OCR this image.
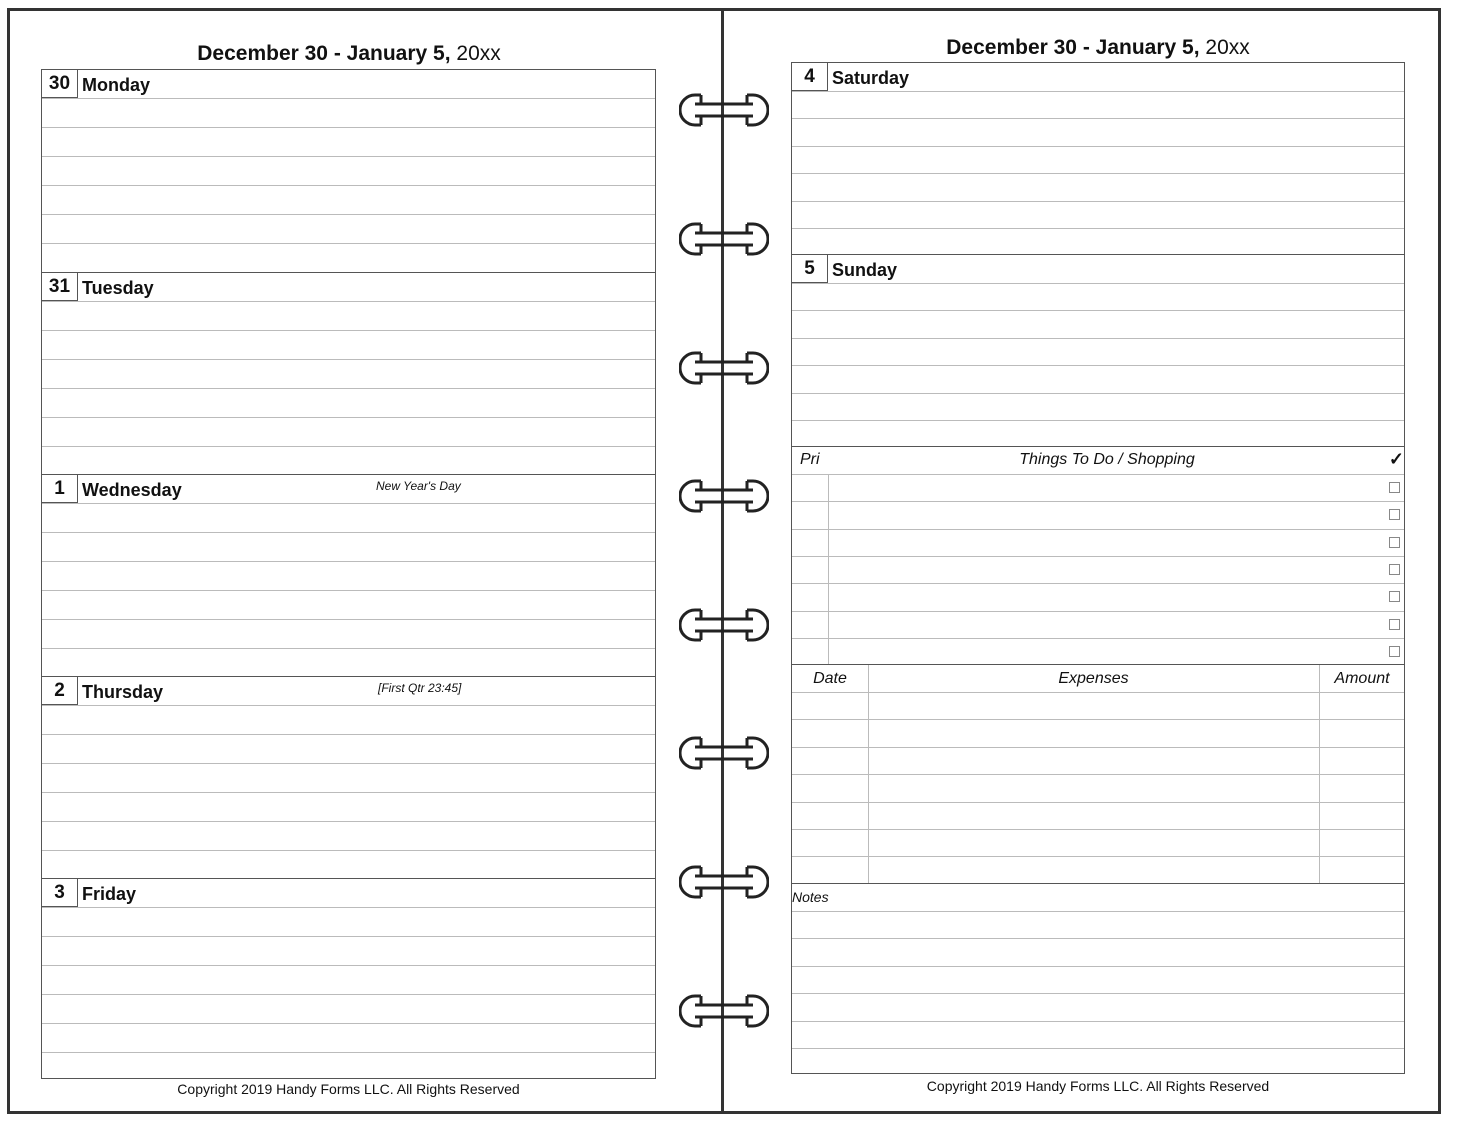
December 30 - January 5, 20xx
30 Monday
31 Tuesday
1 Wednesday	New Year's Day
2 Thursday	[First Qtr 23:45]
3 Friday
Copyright 2019 Handy Forms LLC. All Rights Reserved
December 30 - January 5, 20xx
4 Saturday
5 Sunday
Pri	Things To Do / Shopping	✓
Date	Expenses	Amount
Notes
Copyright 2019 Handy Forms LLC. All Rights Reserved
